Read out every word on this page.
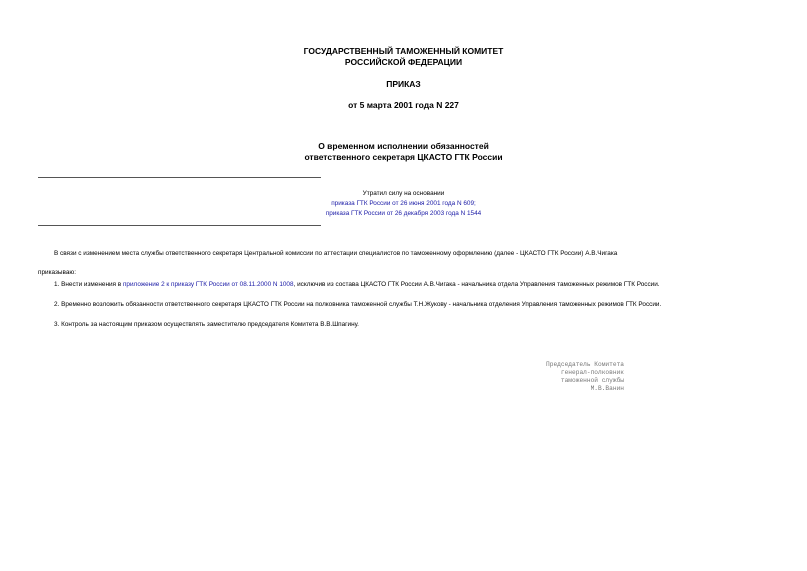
ГОСУДАРСТВЕННЫЙ ТАМОЖЕННЫЙ КОМИТЕТ
РОССИЙСКОЙ ФЕДЕРАЦИИ
ПРИКАЗ
от 5 марта 2001 года N 227
О временном исполнении обязанностей
ответственного секретаря ЦКАСТО ГТК России
Утратил силу на основании
приказа ГТК России от 26 июня 2001 года N 609;
приказа ГТК России от 26 декабря 2003 года N 1544
В связи с изменением места службы ответственного секретаря Центральной комиссии по аттестации специалистов по таможенному оформлению (далее - ЦКАСТО ГТК России) А.В.Чигака
приказываю:
1. Внести изменения в приложение 2 к приказу ГТК России от 08.11.2000 N 1008, исключив из состава ЦКАСТО ГТК России А.В.Чигака - начальника отдела Управления таможенных режимов ГТК России.
2. Временно возложить обязанности ответственного секретаря ЦКАСТО ГТК России на полковника таможенной службы Т.Н.Жукову - начальника отделения Управления таможенных режимов ГТК России.
3. Контроль за настоящим приказом осуществлять заместителю председателя Комитета В.В.Шпагину.
Председатель Комитета
генерал-полковник
таможенной службы
М.В.Ванин
